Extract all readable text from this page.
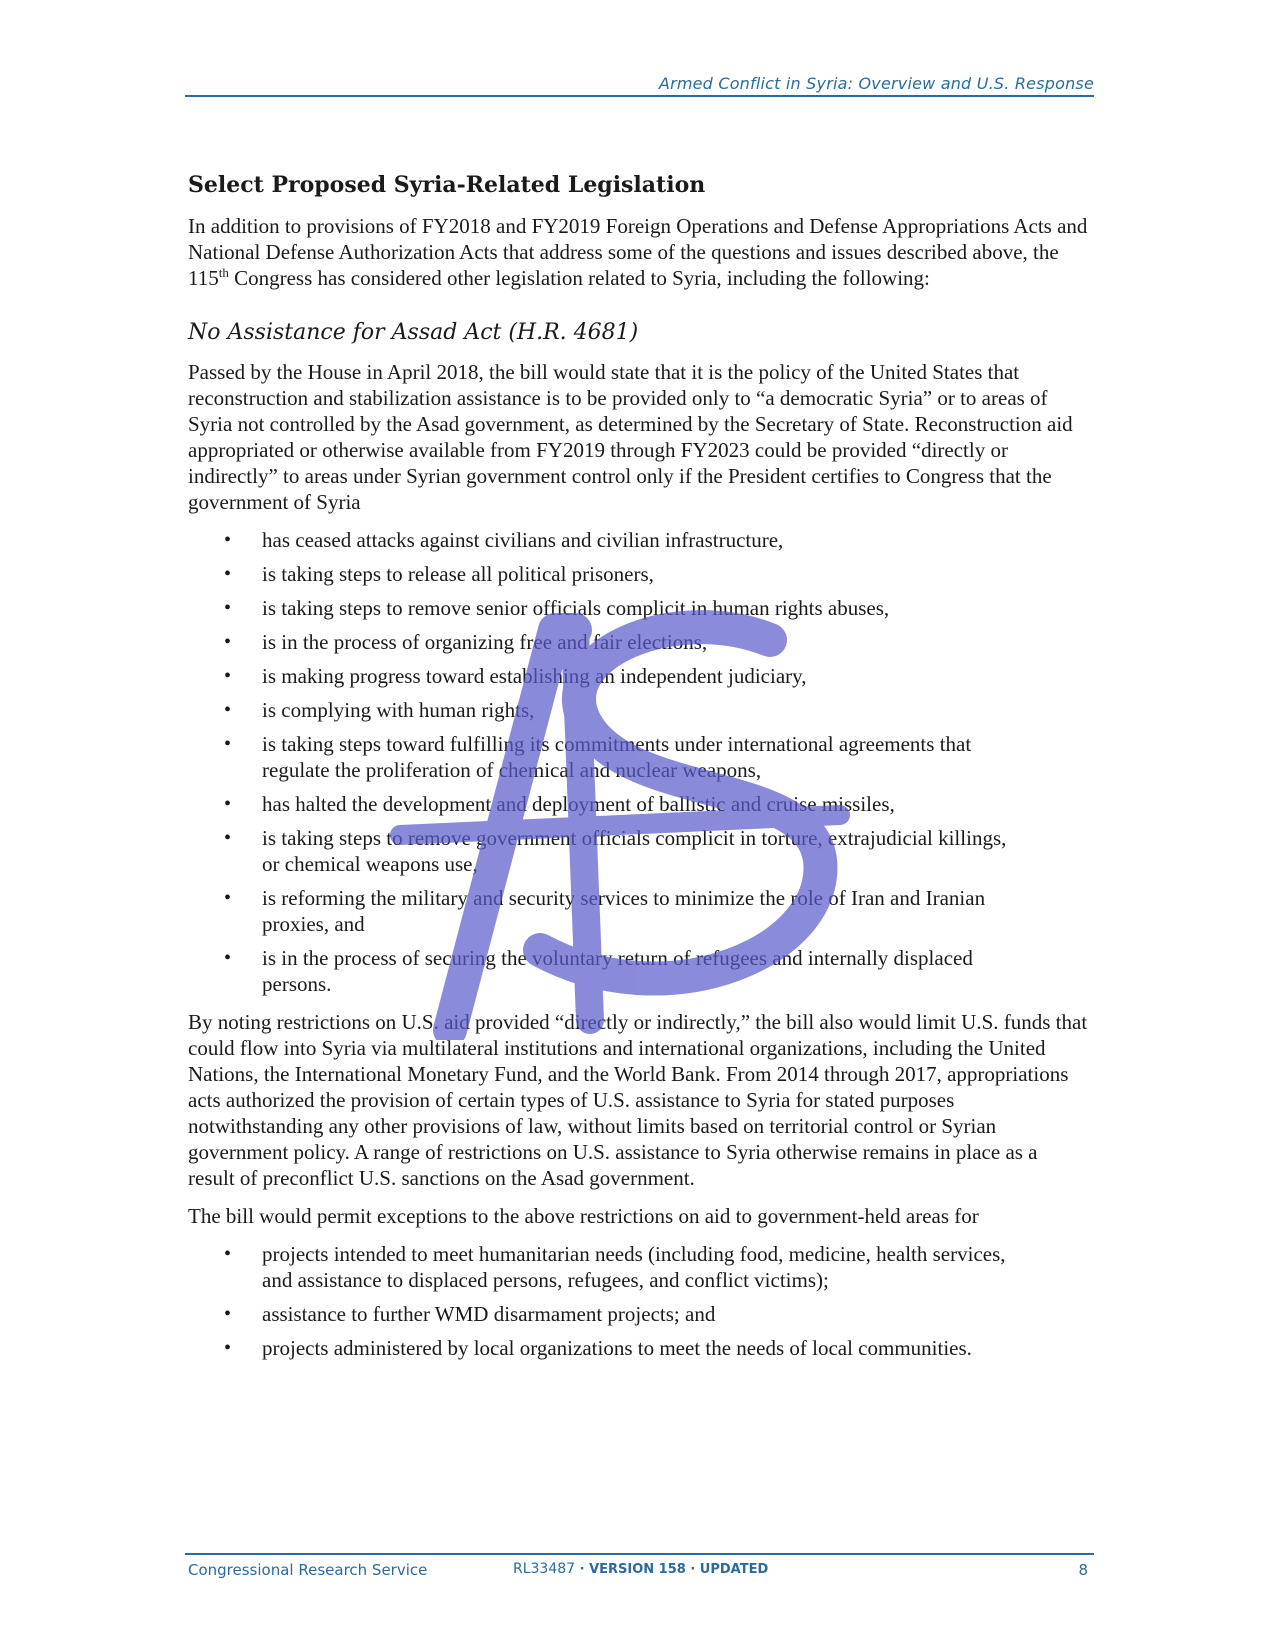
Armed Conflict in Syria: Overview and U.S. Response
Select Proposed Syria-Related Legislation

In addition to provisions of FY2018 and FY2019 Foreign Operations and Defense Appropriations Acts and National Defense Authorization Acts that address some of the questions and issues described above, the 115th Congress has considered other legislation related to Syria, including the following:

No Assistance for Assad Act (H.R. 4681)

Passed by the House in April 2018, the bill would state that it is the policy of the United States that reconstruction and stabilization assistance is to be provided only to “a democratic Syria” or to areas of Syria not controlled by the Asad government, as determined by the Secretary of State. Reconstruction aid appropriated or otherwise available from FY2019 through FY2023 could be provided “directly or indirectly” to areas under Syrian government control only if the President certifies to Congress that the government of Syria

• has ceased attacks against civilians and civilian infrastructure,
• is taking steps to release all political prisoners,
• is taking steps to remove senior officials complicit in human rights abuses,
• is in the process of organizing free and fair elections,
• is making progress toward establishing an independent judiciary,
• is complying with human rights,
• is taking steps toward fulfilling its commitments under international agreements that regulate the proliferation of chemical and nuclear weapons,
• has halted the development and deployment of ballistic and cruise missiles,
• is taking steps to remove government officials complicit in torture, extrajudicial killings, or chemical weapons use,
• is reforming the military and security services to minimize the role of Iran and Iranian proxies, and
• is in the process of securing the voluntary return of refugees and internally displaced persons.

By noting restrictions on U.S. aid provided “directly or indirectly,” the bill also would limit U.S. funds that could flow into Syria via multilateral institutions and international organizations, including the United Nations, the International Monetary Fund, and the World Bank. From 2014 through 2017, appropriations acts authorized the provision of certain types of U.S. assistance to Syria for stated purposes notwithstanding any other provisions of law, without limits based on territorial control or Syrian government policy. A range of restrictions on U.S. assistance to Syria otherwise remains in place as a result of preconflict U.S. sanctions on the Asad government.

The bill would permit exceptions to the above restrictions on aid to government-held areas for

• projects intended to meet humanitarian needs (including food, medicine, health services, and assistance to displaced persons, refugees, and conflict victims);
• assistance to further WMD disarmament projects; and
• projects administered by local organizations to meet the needs of local communities.
Congressional Research Service	RL33487 · VERSION 158 · UPDATED	8
